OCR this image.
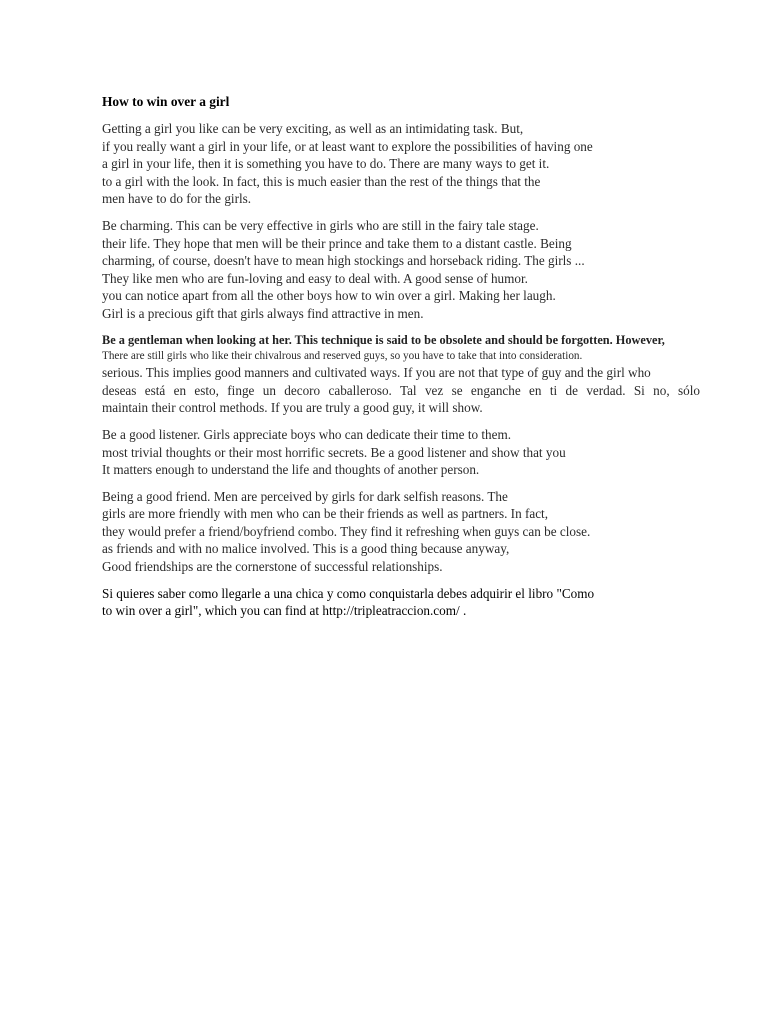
How to win over a girl
Getting a girl you like can be very exciting, as well as an intimidating task. But,
if you really want a girl in your life, or at least want to explore the possibilities of having one
a girl in your life, then it is something you have to do. There are many ways to get it.
to a girl with the look. In fact, this is much easier than the rest of the things that the
men have to do for the girls.
Be charming. This can be very effective in girls who are still in the fairy tale stage.
their life. They hope that men will be their prince and take them to a distant castle. Being
charming, of course, doesn't have to mean high stockings and horseback riding. The girls ...
They like men who are fun-loving and easy to deal with. A good sense of humor.
you can notice apart from all the other boys how to win over a girl. Making her laugh.
Girl is a precious gift that girls always find attractive in men.
Be a gentleman when looking at her. This technique is said to be obsolete and should be forgotten. However,
There are still girls who like their chivalrous and reserved guys, so you have to take that into consideration.
serious. This implies good manners and cultivated ways. If you are not that type of guy and the girl who
deseas está en esto, finge un decoro caballeroso. Tal vez se enganche en ti de verdad. Si no, sólo
maintain their control methods. If you are truly a good guy, it will show.
Be a good listener. Girls appreciate boys who can dedicate their time to them.
most trivial thoughts or their most horrific secrets. Be a good listener and show that you
It matters enough to understand the life and thoughts of another person.
Being a good friend. Men are perceived by girls for dark selfish reasons. The
girls are more friendly with men who can be their friends as well as partners. In fact,
they would prefer a friend/boyfriend combo. They find it refreshing when guys can be close.
as friends and with no malice involved. This is a good thing because anyway,
Good friendships are the cornerstone of successful relationships.
Si quieres saber como llegarle a una chica y como conquistarla debes adquirir el libro "Como
to win over a girl", which you can find at http://tripleatraccion.com/ .
